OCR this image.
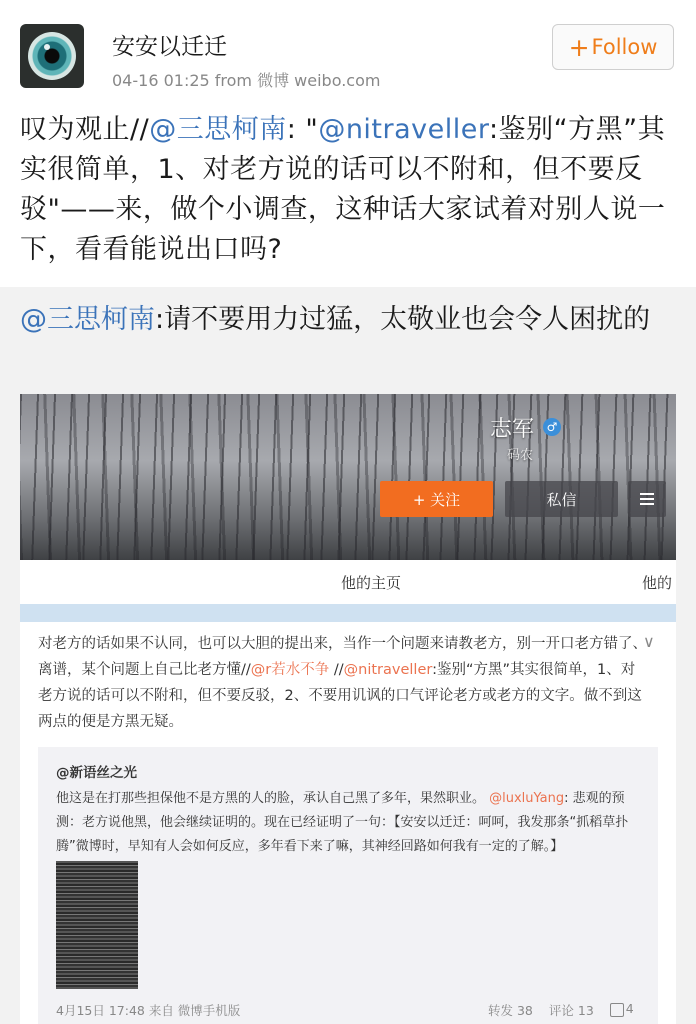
安安以迁迁
04-16 01:25 from 微博 weibo.com
+ Follow
叹为观止//@三思柯南: "@nitraveller:鉴别“方黑”其实很简单，1、对老方说的话可以不附和，但不要反驳"——来，做个小调查，这种话大家试着对别人说一下，看看能说出口吗?
@三思柯南:请不要用力过猛，太敬业也会令人困扰的
志军	♂
码农
+ 关注	私信
他的主页	他的
对老方的话如果不认同，也可以大胆的提出来，当作一个问题来请教老方，别一开口老方错了、离谱，某个问题上自己比老方懂//@r若水不争 //@nitraveller:鉴别“方黑”其实很简单，1、对老方说的话可以不附和，但不要反驳，2、不要用讥讽的口气评论老方或老方的文字。做不到这两点的便是方黑无疑。
∨
@新语丝之光
他这是在打那些担保他不是方黑的人的脸，承认自己黑了多年，果然职业。 @luxluYang: 悲观的预测：老方说他黑，他会继续证明的。现在已经证明了一句：【安安以迁迁：呵呵，我发那条“抓稻草扑腾”微博时，早知有人会如何反应，多年看下来了嘛，其神经回路如何我有一定的了解。】
4月15日 17:48 来自 微博手机版	转发 38 评论 13	4
